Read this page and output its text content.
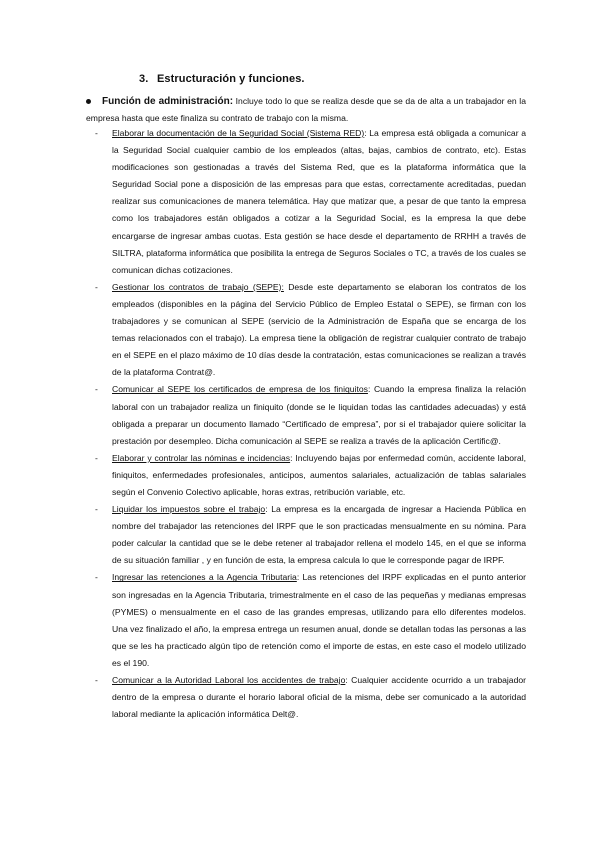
3. Estructuración y funciones.
Función de administración: Incluye todo lo que se realiza desde que se da de alta a un trabajador en la empresa hasta que este finaliza su contrato de trabajo con la misma.

- Elaborar la documentación de la Seguridad Social (Sistema RED): La empresa está obligada a comunicar a la Seguridad Social cualquier cambio de los empleados (altas, bajas, cambios de contrato, etc). Estas modificaciones son gestionadas a través del Sistema Red, que es la plataforma informática que la Seguridad Social pone a disposición de las empresas para que estas, correctamente acreditadas, puedan realizar sus comunicaciones de manera telemática. Hay que matizar que, a pesar de que tanto la empresa como los trabajadores están obligados a cotizar a la Seguridad Social, es la empresa la que debe encargarse de ingresar ambas cuotas. Esta gestión se hace desde el departamento de RRHH a través de SILTRA, plataforma informática que posibilita la entrega de Seguros Sociales o TC, a través de los cuales se comunican dichas cotizaciones.

- Gestionar los contratos de trabajo (SEPE): Desde este departamento se elaboran los contratos de los empleados (disponibles en la página del Servicio Público de Empleo Estatal o SEPE), se firman con los trabajadores y se comunican al SEPE (servicio de la Administración de España que se encarga de los temas relacionados con el trabajo). La empresa tiene la obligación de registrar cualquier contrato de trabajo en el SEPE en el plazo máximo de 10 días desde la contratación, estas comunicaciones se realizan a través de la plataforma Contrat@.

- Comunicar al SEPE los certificados de empresa de los finiquitos: Cuando la empresa finaliza la relación laboral con un trabajador realiza un finiquito (donde se le liquidan todas las cantidades adecuadas) y está obligada a preparar un documento llamado “Certificado de empresa”, por si el trabajador quiere solicitar la prestación por desempleo. Dicha comunicación al SEPE se realiza a través de la aplicación Certific@.

- Elaborar y controlar las nóminas e incidencias: Incluyendo bajas por enfermedad común, accidente laboral, finiquitos, enfermedades profesionales, anticipos, aumentos salariales, actualización de tablas salariales según el Convenio Colectivo aplicable, horas extras, retribución variable, etc.

- Liquidar los impuestos sobre el trabajo: La empresa es la encargada de ingresar a Hacienda Pública en nombre del trabajador las retenciones del IRPF que le son practicadas mensualmente en su nómina. Para poder calcular la cantidad que se le debe retener al trabajador rellena el modelo 145, en el que se informa de su situación familiar , y en función de esta, la empresa calcula lo que le corresponde pagar de IRPF.

- Ingresar las retenciones a la Agencia Tributaria: Las retenciones del IRPF explicadas en el punto anterior son ingresadas en la Agencia Tributaria, trimestralmente en el caso de las pequeñas y medianas empresas (PYMES) o mensualmente en el caso de las grandes empresas, utilizando para ello diferentes modelos. Una vez finalizado el año, la empresa entrega un resumen anual, donde se detallan todas las personas a las que se les ha practicado algún tipo de retención como el importe de estas, en este caso el modelo utilizado es el 190.

- Comunicar a la Autoridad Laboral los accidentes de trabajo: Cualquier accidente ocurrido a un trabajador dentro de la empresa o durante el horario laboral oficial de la misma, debe ser comunicado a la autoridad laboral mediante la aplicación informática Delt@.
